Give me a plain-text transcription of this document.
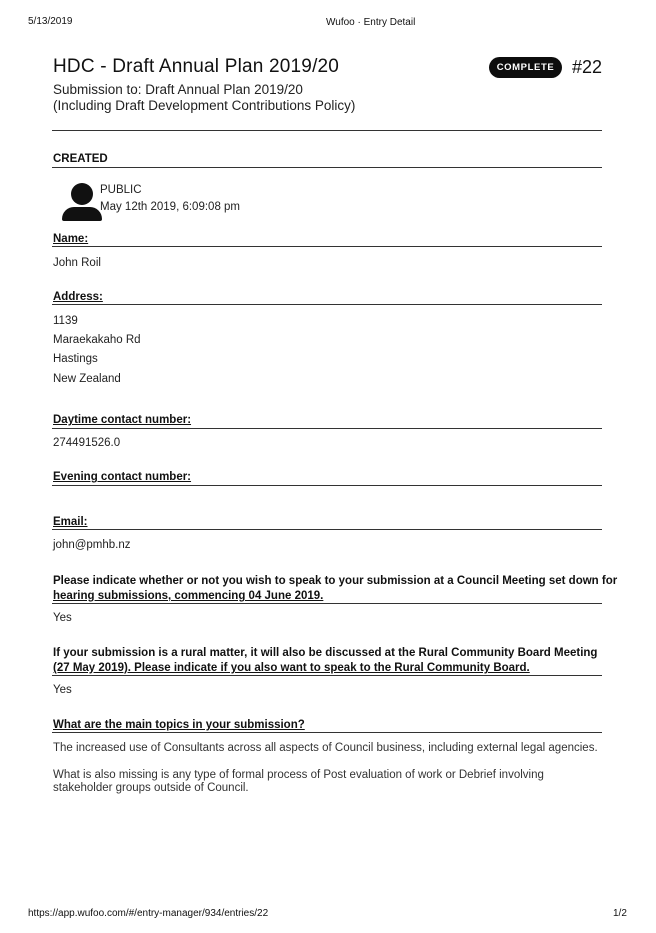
5/13/2019	Wufoo · Entry Detail
HDC - Draft Annual Plan 2019/20
Submission to: Draft Annual Plan 2019/20
(Including Draft Development Contributions Policy)
COMPLETE #22
CREATED
PUBLIC
May 12th 2019, 6:09:08 pm
Name:
John Roil
Address:
1139
Maraekakaho Rd
Hastings
New Zealand
Daytime contact number:
274491526.0
Evening contact number:
Email:
john@pmhb.nz
Please indicate whether or not you wish to speak to your submission at a Council Meeting set down for
hearing submissions, commencing 04 June 2019.
Yes
If your submission is a rural matter, it will also be discussed at the Rural Community Board Meeting
(27 May 2019). Please indicate if you also want to speak to the Rural Community Board.
Yes
What are the main topics in your submission?
The increased use of Consultants across all aspects of Council business, including external legal agencies.
What is also missing is any type of formal process of Post evaluation of work or Debrief involving
stakeholder groups outside of Council.
https://app.wufoo.com/#/entry-manager/934/entries/22	1/2
